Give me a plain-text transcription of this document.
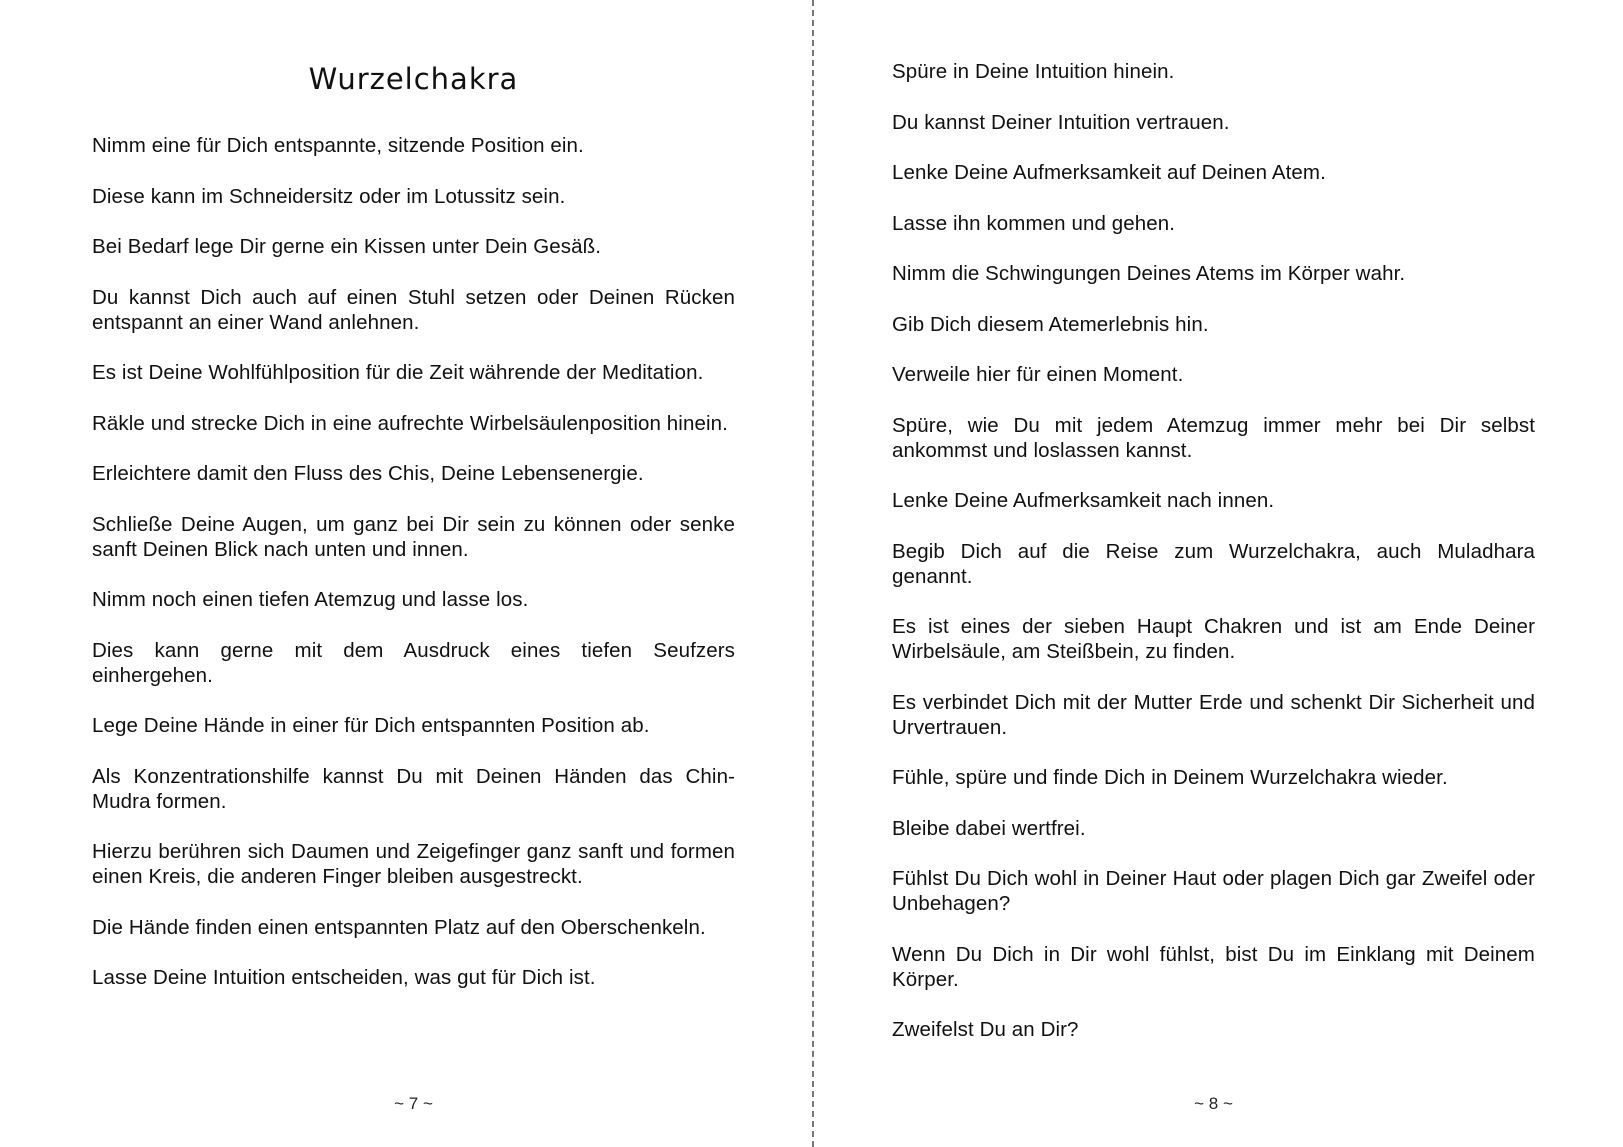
Wurzelchakra

Nimm eine für Dich entspannte, sitzende Position ein.

Diese kann im Schneidersitz oder im Lotussitz sein.

Bei Bedarf lege Dir gerne ein Kissen unter Dein Gesäß.

Du kannst Dich auch auf einen Stuhl setzen oder Deinen Rücken entspannt an einer Wand anlehnen.

Es ist Deine Wohlfühlposition für die Zeit währende der Meditation.

Räkle und strecke Dich in eine aufrechte Wirbelsäulenposition hinein.

Erleichtere damit den Fluss des Chis, Deine Lebensenergie.

Schließe Deine Augen, um ganz bei Dir sein zu können oder senke sanft Deinen Blick nach unten und innen.

Nimm noch einen tiefen Atemzug und lasse los.

Dies kann gerne mit dem Ausdruck eines tiefen Seufzers einhergehen.

Lege Deine Hände in einer für Dich entspannten Position ab.

Als Konzentrationshilfe kannst Du mit Deinen Händen das Chin-Mudra formen.

Hierzu berühren sich Daumen und Zeigefinger ganz sanft und formen einen Kreis, die anderen Finger bleiben ausgestreckt.

Die Hände finden einen entspannten Platz auf den Oberschenkeln.

Lasse Deine Intuition entscheiden, was gut für Dich ist.

~ 7 ~

Spüre in Deine Intuition hinein.

Du kannst Deiner Intuition vertrauen.

Lenke Deine Aufmerksamkeit auf Deinen Atem.

Lasse ihn kommen und gehen.

Nimm die Schwingungen Deines Atems im Körper wahr.

Gib Dich diesem Atemerlebnis hin.

Verweile hier für einen Moment.

Spüre, wie Du mit jedem Atemzug immer mehr bei Dir selbst ankommst und loslassen kannst.

Lenke Deine Aufmerksamkeit nach innen.

Begib Dich auf die Reise zum Wurzelchakra, auch Muladhara genannt.

Es ist eines der sieben Haupt Chakren und ist am Ende Deiner Wirbelsäule, am Steißbein, zu finden.

Es verbindet Dich mit der Mutter Erde und schenkt Dir Sicherheit und Urvertrauen.

Fühle, spüre und finde Dich in Deinem Wurzelchakra wieder.

Bleibe dabei wertfrei.

Fühlst Du Dich wohl in Deiner Haut oder plagen Dich gar Zweifel oder Unbehagen?

Wenn Du Dich in Dir wohl fühlst, bist Du im Einklang mit Deinem Körper.

Zweifelst Du an Dir?

~ 8 ~
